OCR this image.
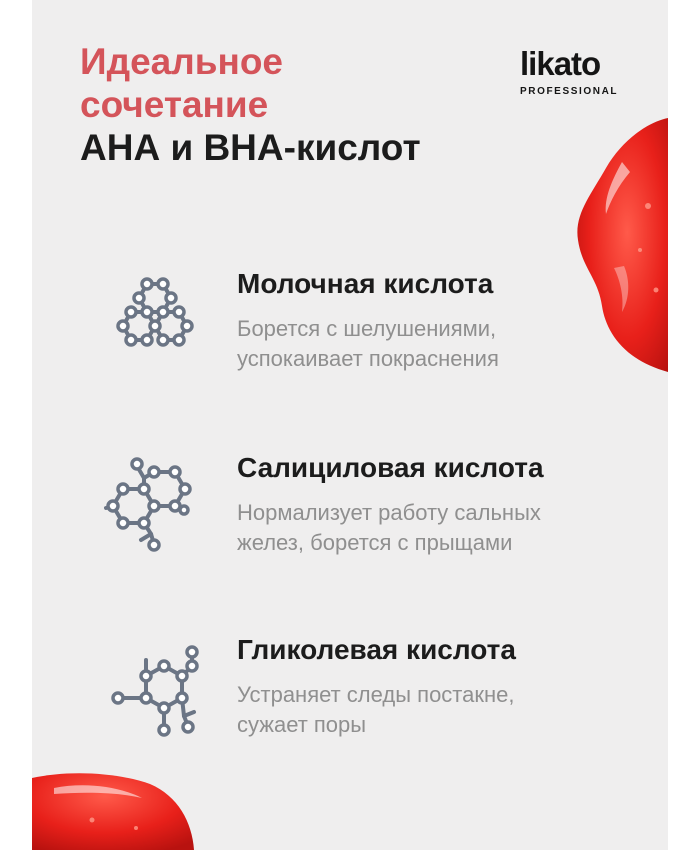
Идеальное
сочетание
АНА и ВНА-кислот
likato
PROFESSIONAL
Молочная кислота
Борется с шелушениями,
успокаивает покраснения
Салициловая кислота
Нормализует работу сальных
желез, борется с прыщами
Гликолевая кислота
Устраняет следы постакне,
сужает поры
